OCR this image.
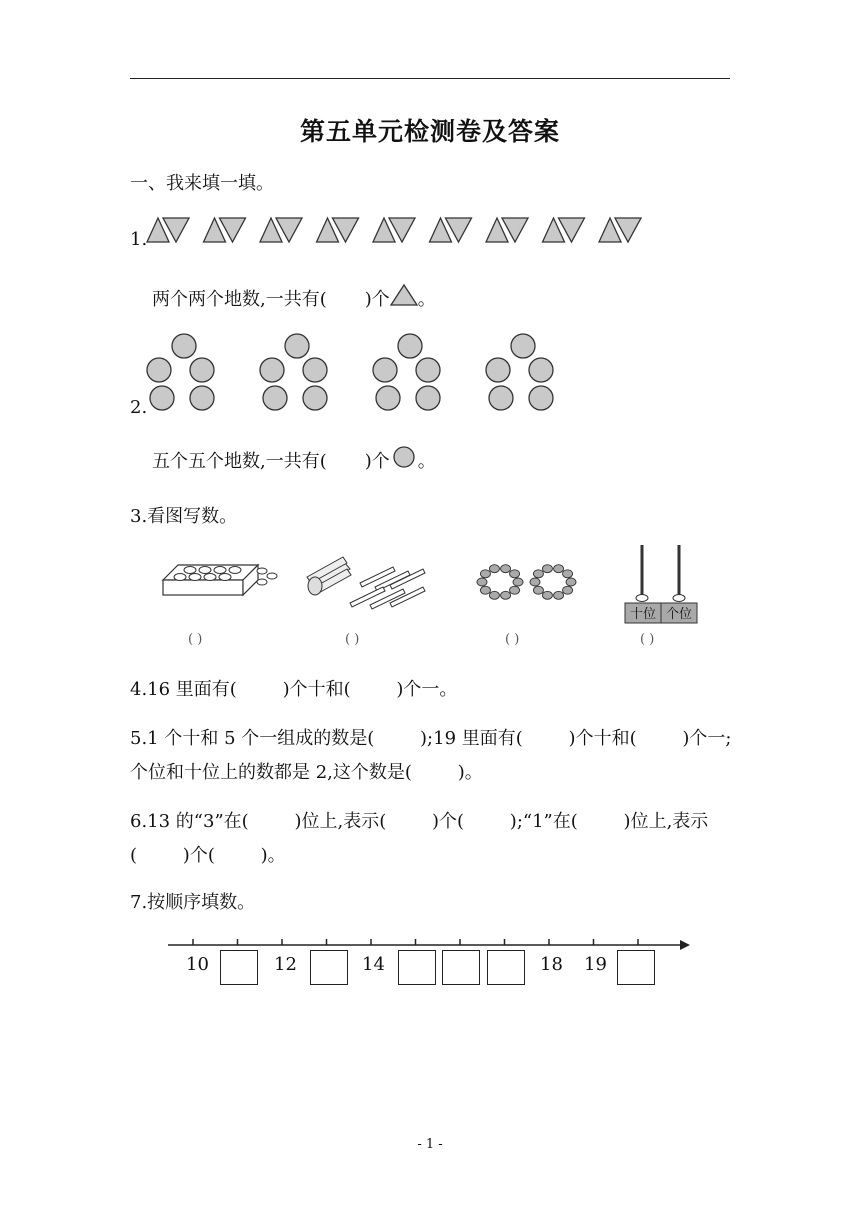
第五单元检测卷及答案
一、我来填一填。
1.
两个两个地数,一共有( )个 。
2.
五个五个地数,一共有( )个 。
3.看图写数。
十位 个位
( )	( )	( )	( )
4.16 里面有(        )个十和(        )个一。
5.1 个十和 5 个一组成的数是(        );19 里面有(        )个十和(        )个一;
个位和十位上的数都是 2,这个数是(        )。
6.13 的“3”在(        )位上,表示(        )个(        );“1”在(        )位上,表示
(        )个(        )。
7.按顺序填数。
10	12	14	18 19
- 1 -
